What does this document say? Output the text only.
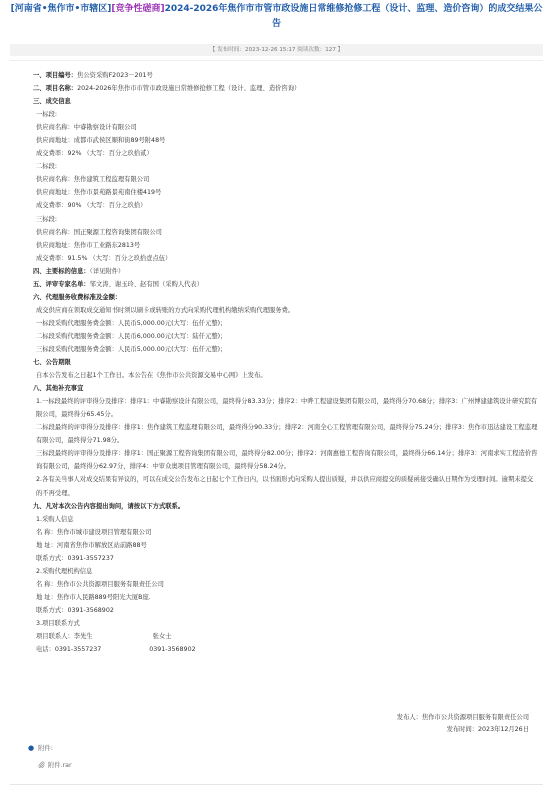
[河南省•焦作市•市辖区][竞争性磋商]2024-2026年焦作市市管市政设施日常维修抢修工程（设计、监理、造价咨询）的成交结果公告
【 发布时间：2023-12-26 15:17 阅读次数：127 】
一、项目编号：焦公资采购F2023－201号
二、项目名称：2024-2026年焦作市市管市政设施日常维修抢修工程（设计、监理、造价咨询）
三、成交信息
一标段:
供应商名称：中睿勘察设计有限公司
供应商地址：成都市武侯区顺和街89号附48号
成交费率：92% （大写：百分之玖拾贰）
二标段:
供应商名称：焦作建筑工程监理有限公司
供应商地址：焦作市景苑路景苑南住楼419号
成交费率：90% （大写：百分之玖拾）
三标段:
供应商名称：国正聚源工程咨询集团有限公司
供应商地址：焦作市工业路东2813号
成交费率：91.5% （大写：百分之玖拾壹点伍）
四、主要标的信息：（详见附件）
五、评审专家名单：邹文涛、谢玉玲、赵有国（采购人代表）
六、代理服务收费标准及金额：
成交供应商在领取成交通知书时须以刷卡或转账的方式向采购代理机构缴纳采购代理服务费。
一标段采购代理服务费金额：人民币5,000.00元(大写：伍仟元整)；
二标段采购代理服务费金额：人民币6,000.00元(大写：陆仟元整)；
三标段采购代理服务费金额：人民币5,000.00元(大写：伍仟元整)；
七、公告期限
自本公告发布之日起1个工作日。本公告在《焦作市公共资源交易中心网》上发布。
八、其他补充事宜
1.一标段最终的评审得分及排序：排序1：中睿勘察设计有限公司，最终得分83.33分；排序2：中晔工程建设集团有限公司，最终得分70.68分；排序3：广州博建建筑设计研究院有限公司，最终得分65.45分。
二标段最终的评审得分及排序：排序1：焦作建筑工程监理有限公司，最终得分90.33分；排序2：河南全心工程管理有限公司，最终得分75.24分；排序3：焦作市迅达建设工程监理有限公司，最终得分71.98分。
三标段最终的评审得分及排序：排序1：国正聚源工程咨询集团有限公司，最终得分82.00分；排序2：河南惠德工程咨询有限公司，最终得分66.14分；排序3：河南求实工程造价咨询有限公司，最终得分62.97分，排序4：中审众奥项目管理有限公司，最终得分58.24分。
2.各有关当事人对成交结果有异议的，可以在成交公告发布之日起七个工作日内，以书面形式向采购人提出质疑，并以供应商提交的质疑函接受确认日期作为受理时间。逾期未提交的不再受理。
九、凡对本次公告内容提出询问，请按以下方式联系。
1.采购人信息
名 称：焦作市城市建设项目管理有限公司
地 址：河南省焦作市解放区站前路88号
联系方式：0391-3557237
2.采购代理机构信息
名 称：焦作市公共资源项目服务有限责任公司
地 址：焦作市人民路889号阳光大厦B座.
联系方式：0391-3568902
3.项目联系方式
项目联系人：李先生	张女士
电话：0391-3557237	0391-3568902
发布人：焦作市公共资源项目服务有限责任公司
发布时间：2023年12月26日
● 附件:
附件.rar
